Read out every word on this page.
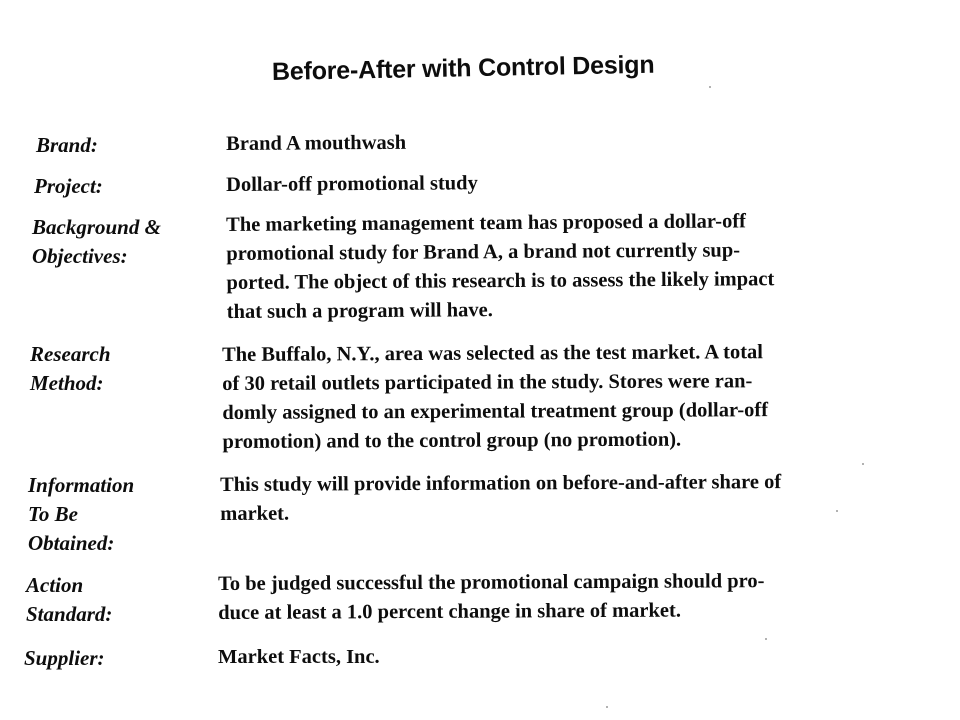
Before-After with Control Design
Brand:	Brand A mouthwash
Project:	Dollar-off promotional study
Background &
Objectives:
The marketing management team has proposed a dollar-off
promotional study for Brand A, a brand not currently sup-
ported. The object of this research is to assess the likely impact
that such a program will have.
Research
Method:
The Buffalo, N.Y., area was selected as the test market. A total
of 30 retail outlets participated in the study. Stores were ran-
domly assigned to an experimental treatment group (dollar-off
promotion) and to the control group (no promotion).
Information
To Be
Obtained:
This study will provide information on before-and-after share of
market.
Action
Standard:
To be judged successful the promotional campaign should pro-
duce at least a 1.0 percent change in share of market.
Supplier:	Market Facts, Inc.
